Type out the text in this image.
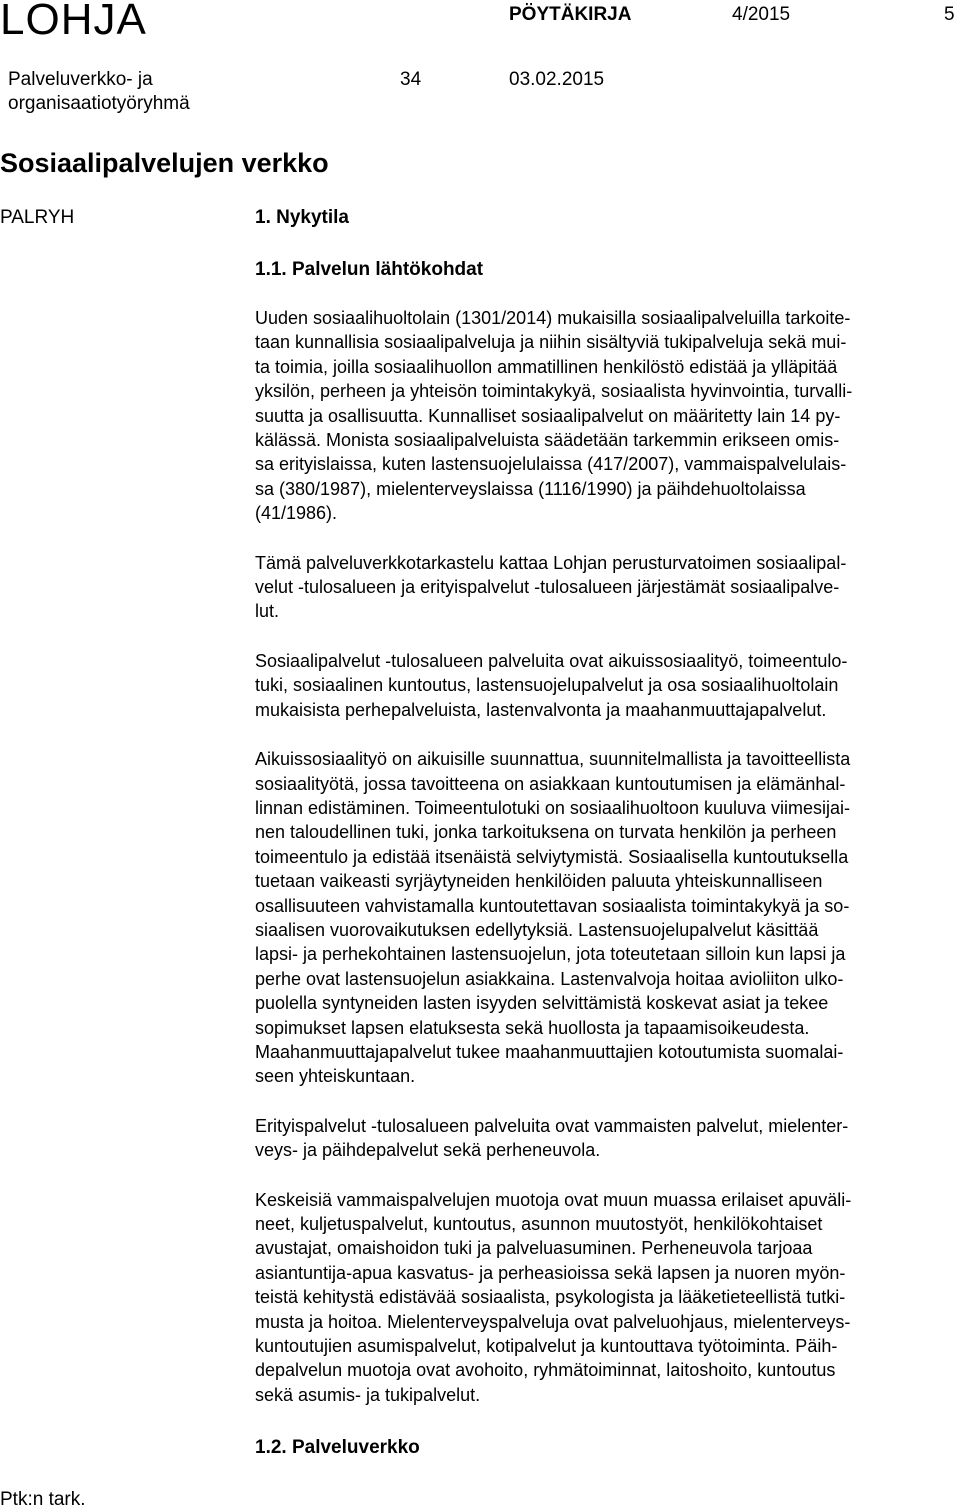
LOHJA	PÖYTÄKIRJA	4/2015	5
Palveluverkko- ja
organisaatiotyöryhmä
34	03.02.2015
Sosiaalipalvelujen verkko
PALRYH	1. Nykytila
1.1. Palvelun lähtökohdat

Uuden sosiaalihuoltolain (1301/2014) mukaisilla sosiaalipalveluilla tarkoite-
taan kunnallisia sosiaalipalveluja ja niihin sisältyviä tukipalveluja sekä mui-
ta toimia, joilla sosiaalihuollon ammatillinen henkilöstö edistää ja ylläpitää
yksilön, perheen ja yhteisön toimintakykyä, sosiaalista hyvinvointia, turvalli-
suutta ja osallisuutta. Kunnalliset sosiaalipalvelut on määritetty lain 14 py-
kälässä. Monista sosiaalipalveluista säädetään tarkemmin erikseen omis-
sa erityislaissa, kuten lastensuojelulaissa (417/2007), vammaispalvelulais-
sa (380/1987), mielenterveyslaissa (1116/1990) ja päihdehuoltolaissa
(41/1986).

Tämä palveluverkkotarkastelu kattaa Lohjan perusturvatoimen sosiaalipal-
velut -tulosalueen ja erityispalvelut -tulosalueen järjestämät sosiaalipalve-
lut.

Sosiaalipalvelut -tulosalueen palveluita ovat aikuissosiaalityö, toimeentulo-
tuki, sosiaalinen kuntoutus, lastensuojelupalvelut ja osa sosiaalihuoltolain
mukaisista perhepalveluista, lastenvalvonta ja maahanmuuttajapalvelut.

Aikuissosiaalityö on aikuisille suunnattua, suunnitelmallista ja tavoitteellista
sosiaalityötä, jossa tavoitteena on asiakkaan kuntoutumisen ja elämänhal-
linnan edistäminen. Toimeentulotuki on sosiaalihuoltoon kuuluva viimesijai-
nen taloudellinen tuki, jonka tarkoituksena on turvata henkilön ja perheen
toimeentulo ja edistää itsenäistä selviytymistä. Sosiaalisella kuntoutuksella
tuetaan vaikeasti syrjäytyneiden henkilöiden paluuta yhteiskunnalliseen
osallisuuteen vahvistamalla kuntoutettavan sosiaalista toimintakykyä ja so-
siaalisen vuorovaikutuksen edellytyksiä. Lastensuojelupalvelut käsittää
lapsi- ja perhekohtainen lastensuojelun, jota toteutetaan silloin kun lapsi ja
perhe ovat lastensuojelun asiakkaina. Lastenvalvoja hoitaa avioliiton ulko-
puolella syntyneiden lasten isyyden selvittämistä koskevat asiat ja tekee
sopimukset lapsen elatuksesta sekä huollosta ja tapaamisoikeudesta.
Maahanmuuttajapalvelut tukee maahanmuuttajien kotoutumista suomalai-
seen yhteiskuntaan.

Erityispalvelut -tulosalueen palveluita ovat vammaisten palvelut, mielenter-
veys- ja päihdepalvelut sekä perheneuvola.

Keskeisiä vammaispalvelujen muotoja ovat muun muassa erilaiset apuväli-
neet, kuljetuspalvelut, kuntoutus, asunnon muutostyöt, henkilökohtaiset
avustajat, omaishoidon tuki ja palveluasuminen. Perheneuvola tarjoaa
asiantuntija-apua kasvatus- ja perheasioissa sekä lapsen ja nuoren myön-
teistä kehitystä edistävää sosiaalista, psykologista ja lääketieteellistä tutki-
musta ja hoitoa. Mielenterveyspalveluja ovat palveluohjaus, mielenterveys-
kuntoutujien asumispalvelut, kotipalvelut ja kuntouttava työtoiminta. Päih-
depalvelun muotoja ovat avohoito, ryhmätoiminnat, laitoshoito, kuntoutus
sekä asumis- ja tukipalvelut.

1.2. Palveluverkko
Ptk:n tark.
